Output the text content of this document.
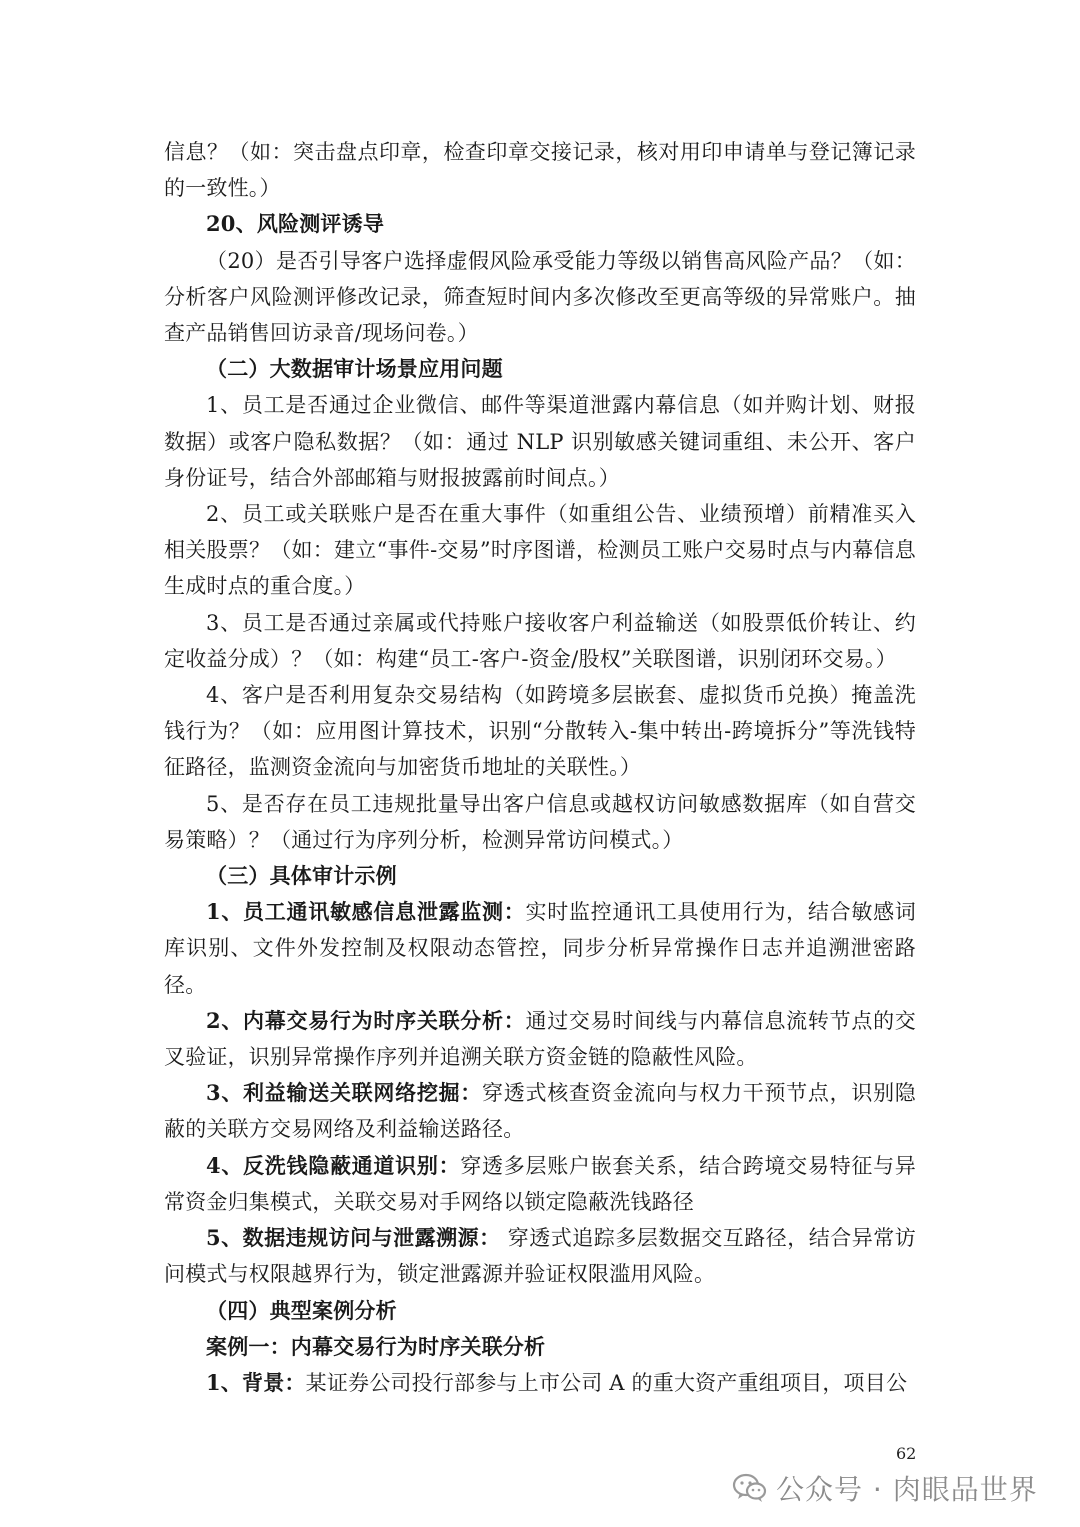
信息？（如：突击盘点印章，检查印章交接记录，核对用印申请单与登记簿记录的一致性。）

20、风险测评诱导

（20）是否引导客户选择虚假风险承受能力等级以销售高风险产品？（如：分析客户风险测评修改记录，筛查短时间内多次修改至更高等级的异常账户。抽查产品销售回访录音/现场问卷。）

（二）大数据审计场景应用问题

1、员工是否通过企业微信、邮件等渠道泄露内幕信息（如并购计划、财报数据）或客户隐私数据？（如：通过 NLP 识别敏感关键词重组、未公开、客户身份证号，结合外部邮箱与财报披露前时间点。）

2、员工或关联账户是否在重大事件（如重组公告、业绩预增）前精准买入相关股票？（如：建立“事件-交易”时序图谱，检测员工账户交易时点与内幕信息生成时点的重合度。）

3、员工是否通过亲属或代持账户接收客户利益输送（如股票低价转让、约定收益分成）？（如：构建“员工-客户-资金/股权”关联图谱，识别闭环交易。）

4、客户是否利用复杂交易结构（如跨境多层嵌套、虚拟货币兑换）掩盖洗钱行为？（如：应用图计算技术，识别“分散转入-集中转出-跨境拆分”等洗钱特征路径，监测资金流向与加密货币地址的关联性。）

5、是否存在员工违规批量导出客户信息或越权访问敏感数据库（如自营交易策略）？（通过行为序列分析，检测异常访问模式。）

（三）具体审计示例

1、员工通讯敏感信息泄露监测：实时监控通讯工具使用行为，结合敏感词库识别、文件外发控制及权限动态管控，同步分析异常操作日志并追溯泄密路径。

2、内幕交易行为时序关联分析：通过交易时间线与内幕信息流转节点的交叉验证，识别异常操作序列并追溯关联方资金链的隐蔽性风险。

3、利益输送关联网络挖掘：穿透式核查资金流向与权力干预节点，识别隐蔽的关联方交易网络及利益输送路径。

4、反洗钱隐蔽通道识别：穿透多层账户嵌套关系，结合跨境交易特征与异常资金归集模式，关联交易对手网络以锁定隐蔽洗钱路径

5、数据违规访问与泄露溯源： 穿透式追踪多层数据交互路径，结合异常访问模式与权限越界行为，锁定泄露源并验证权限滥用风险。

（四）典型案例分析

案例一：内幕交易行为时序关联分析

1、背景：某证券公司投行部参与上市公司 A 的重大资产重组项目，项目公

62
公众号 · 肉眼品世界
